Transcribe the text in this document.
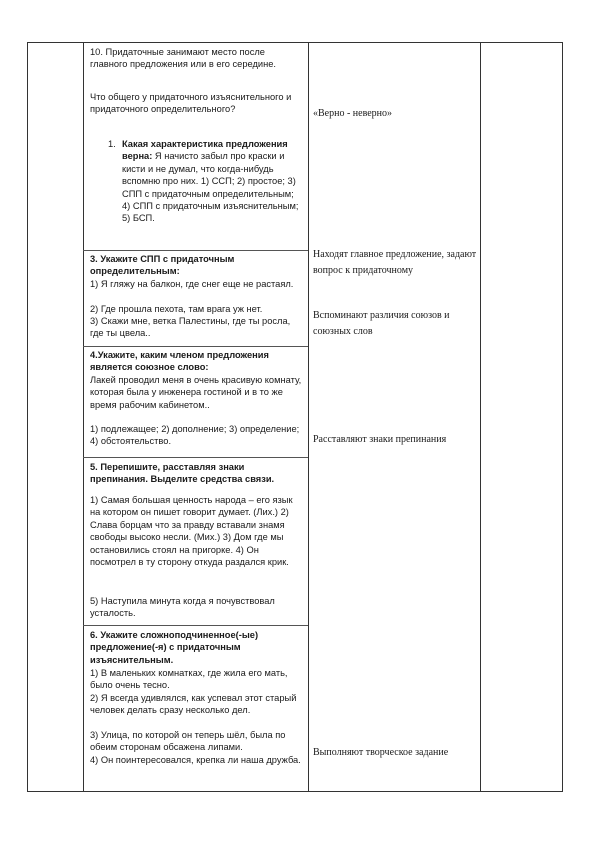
10. Придаточные занимают место после главного предложения или в его середине.

Что общего у придаточного изъяснительного и придаточного определительного?

1. Какая характеристика предложения верна: Я начисто забыл про краски и кисти и не думал, что когда-нибудь вспомню про них. 1) ССП; 2) простое; 3) СПП с придаточным определительным; 4) СПП с придаточным изъяснительным; 5) БСП.

3. Укажите СПП с придаточным определительным:

1) Я гляжу на балкон, где снег еще не растаял.

2) Где прошла пехота, там врага уж нет.

3) Скажи мне, ветка Палестины, где ты росла, где ты цвела..

4.Укажите, каким членом предложения является союзное слово:

Лакей проводил меня в очень красивую комнату, которая была у инженера гостиной и в то же время рабочим кабинетом..

1) подлежащее; 2) дополнение; 3) определение; 4) обстоятельство.

5. Перепишите, расставляя знаки препинания. Выделите средства связи.

1) Самая большая ценность народа – его язык на котором он пишет говорит думает. (Лих.) 2) Слава борцам что за правду вставали знамя свободы высоко несли. (Мих.) 3) Дом где мы остановились стоял на пригорке. 4) Он посмотрел в ту сторону откуда раздался крик.

5) Наступила минута когда я почувствовал усталость.

6. Укажите сложноподчиненное(-ые) предложение(-я) с придаточным изъяснительным.

1) В маленьких комнатках, где жила его мать, было очень тесно.

2) Я всегда удивлялся, как успевал этот старый человек делать сразу несколько дел.

3) Улица, по которой он теперь шёл, была по обеим сторонам обсажена липами.

4) Он поинтересовался, крепка ли наша дружба.

«Верно - неверно»

Находят главное предложение, задают вопрос к придаточному

Вспоминают различия союзов и союзных слов

Расставляют знаки препинания

Выполняют творческое задание
